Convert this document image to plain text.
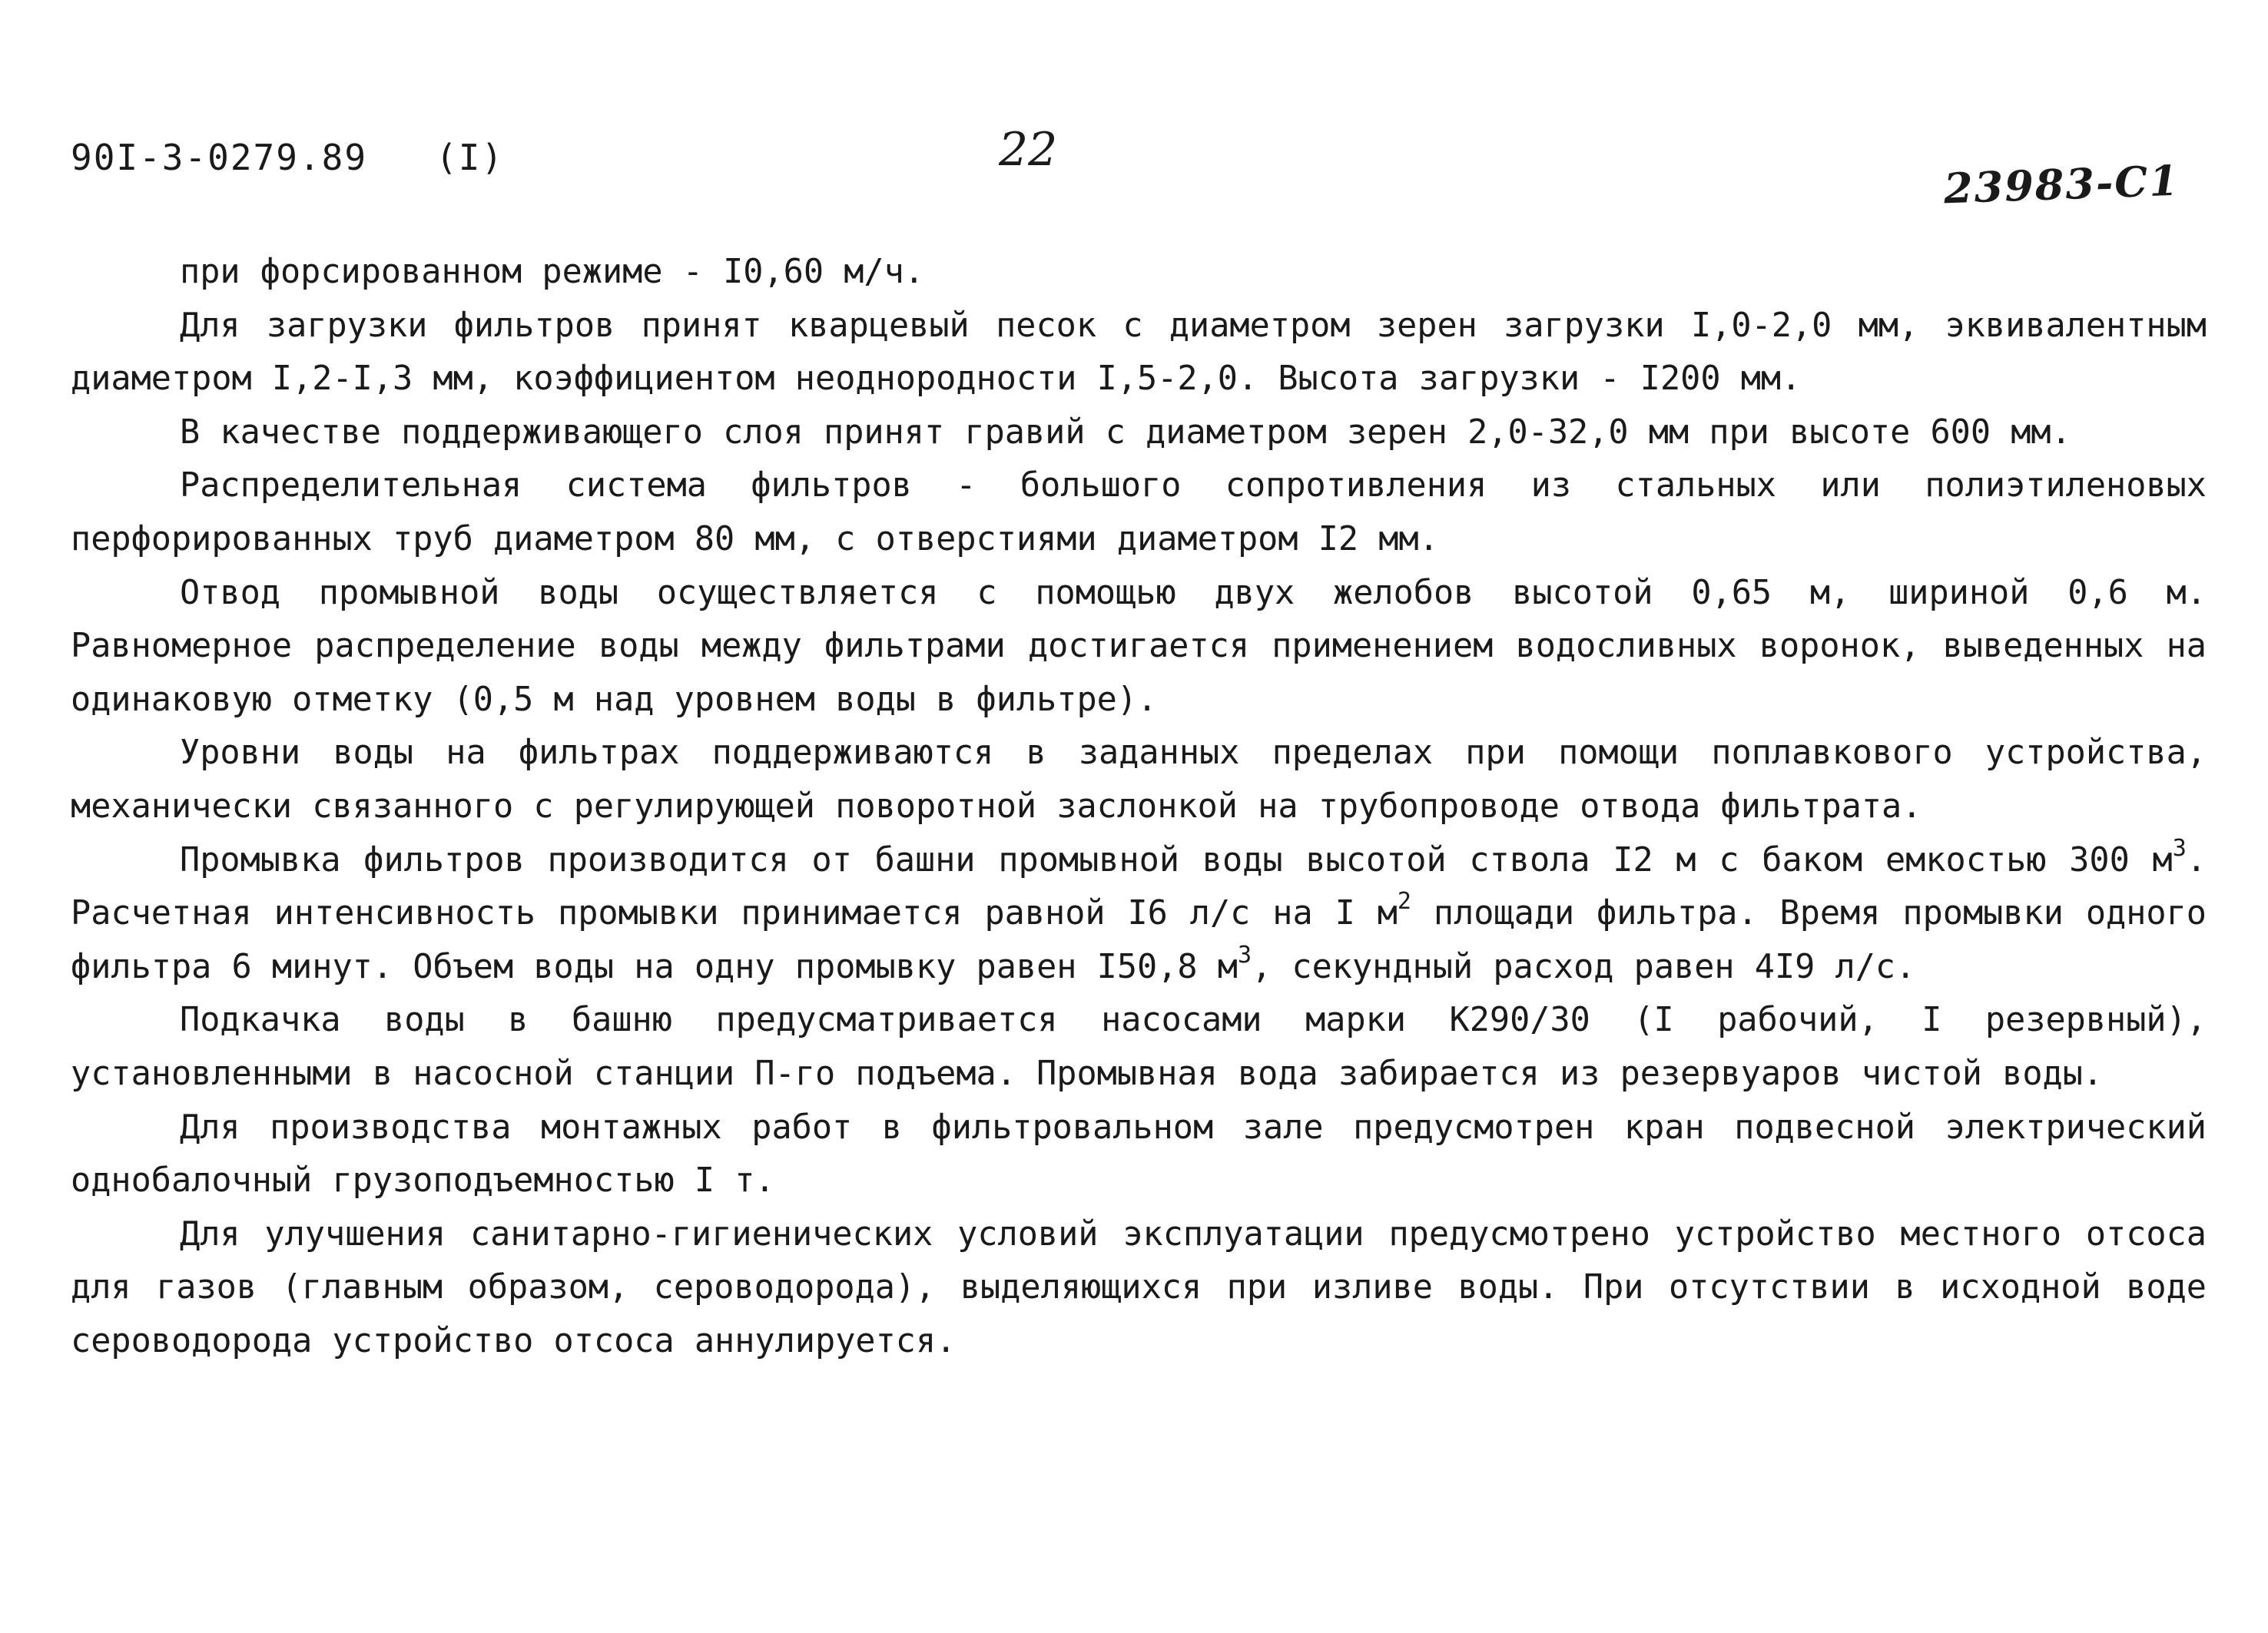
90I-3-0279.89   (I)	22
23983-C1

при форсированном режиме - I0,60 м/ч.

Для загрузки фильтров принят кварцевый песок с диаметром зерен загрузки I,0-2,0 мм, эквивалентным диаметром I,2-I,3 мм, коэффициентом неоднородности I,5-2,0. Высота загрузки - I200 мм.

В качестве поддерживающего слоя принят гравий с диаметром зерен 2,0-32,0 мм при высоте 600 мм.

Распределительная система фильтров - большого сопротивления из стальных или полиэтиленовых перфорированных труб диаметром 80 мм, с отверстиями диаметром I2 мм.

Отвод промывной воды осуществляется с помощью двух желобов высотой 0,65 м, шириной 0,6 м. Равномерное распределение воды между фильтрами достигается применением водосливных воронок, выведенных на одинаковую отметку (0,5 м над уровнем воды в фильтре).

Уровни воды на фильтрах поддерживаются в заданных пределах при помощи поплавкового устройства, механически связанного с регулирующей поворотной заслонкой на трубопроводе отвода фильтрата.

Промывка фильтров производится от башни промывной воды высотой ствола I2 м с баком емкостью 300 $м^3$. Расчетная интенсивность промывки принимается равной I6 л/с на I $м^2$ площади фильтра. Время промывки одного фильтра 6 минут. Объем воды на одну промывку равен I50,8 $м^3$, секундный расход равен 4I9 л/с.

Подкачка воды в башню предусматривается насосами марки К290/30 (I рабочий, I резервный), установленными в насосной станции П-го подъема. Промывная вода забирается из резервуаров чистой воды.

Для производства монтажных работ в фильтровальном зале предусмотрен кран подвесной электрический однобалочный грузоподъемностью I т.

Для улучшения санитарно-гигиенических условий эксплуатации предусмотрено устройство местного отсоса для газов (главным образом, сероводорода), выделяющихся при изливе воды. При отсутствии в исходной воде сероводорода устройство отсоса аннулируется.
